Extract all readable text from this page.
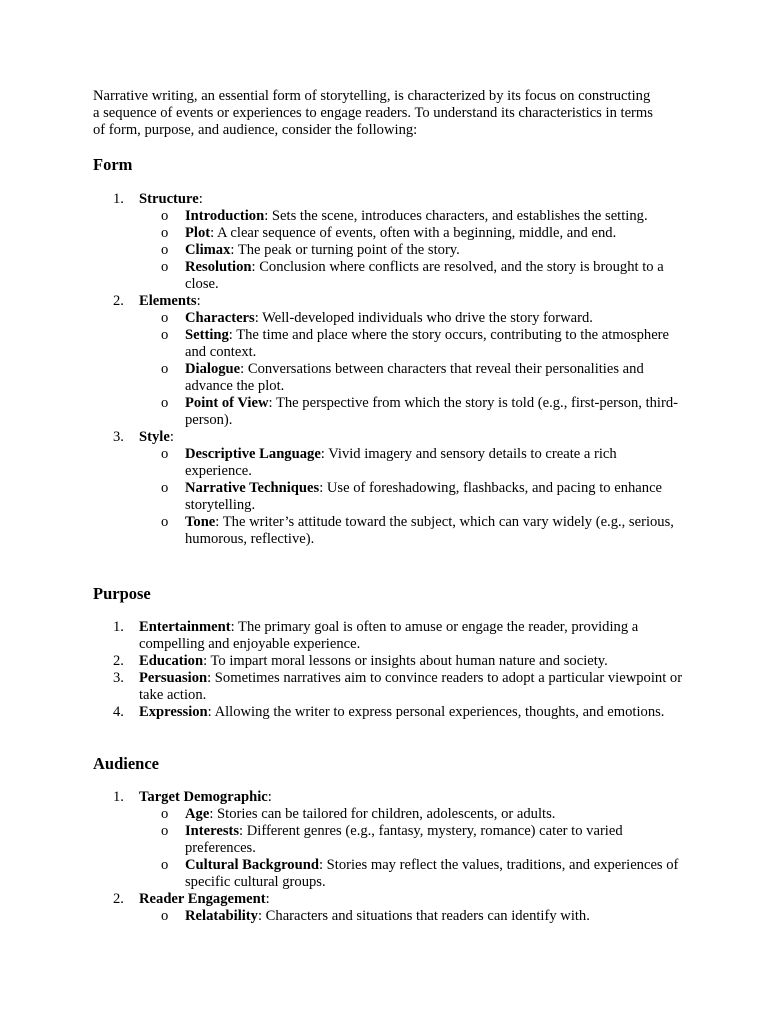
Narrative writing, an essential form of storytelling, is characterized by its focus on constructing a sequence of events or experiences to engage readers. To understand its characteristics in terms of form, purpose, and audience, consider the following:

Form
1. Structure:
o Introduction: Sets the scene, introduces characters, and establishes the setting.
o Plot: A clear sequence of events, often with a beginning, middle, and end.
o Climax: The peak or turning point of the story.
o Resolution: Conclusion where conflicts are resolved, and the story is brought to a close.
2. Elements:
o Characters: Well-developed individuals who drive the story forward.
o Setting: The time and place where the story occurs, contributing to the atmosphere and context.
o Dialogue: Conversations between characters that reveal their personalities and advance the plot.
o Point of View: The perspective from which the story is told (e.g., first-person, third-person).
3. Style:
o Descriptive Language: Vivid imagery and sensory details to create a rich experience.
o Narrative Techniques: Use of foreshadowing, flashbacks, and pacing to enhance storytelling.
o Tone: The writer’s attitude toward the subject, which can vary widely (e.g., serious, humorous, reflective).
Purpose
1. Entertainment: The primary goal is often to amuse or engage the reader, providing a compelling and enjoyable experience.
2. Education: To impart moral lessons or insights about human nature and society.
3. Persuasion: Sometimes narratives aim to convince readers to adopt a particular viewpoint or take action.
4. Expression: Allowing the writer to express personal experiences, thoughts, and emotions.
Audience
1. Target Demographic:
o Age: Stories can be tailored for children, adolescents, or adults.
o Interests: Different genres (e.g., fantasy, mystery, romance) cater to varied preferences.
o Cultural Background: Stories may reflect the values, traditions, and experiences of specific cultural groups.
2. Reader Engagement:
o Relatability: Characters and situations that readers can identify with.
